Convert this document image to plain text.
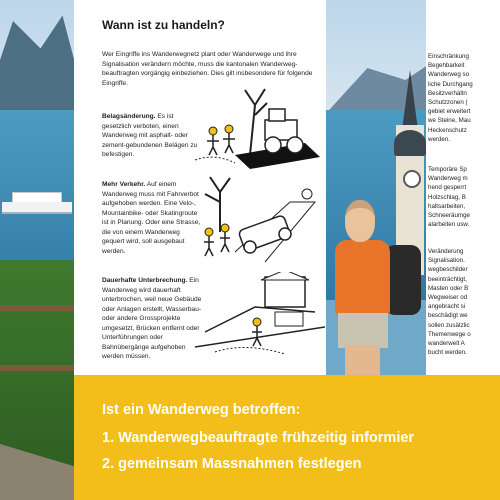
Wann ist zu handeln?
Wer Eingriffe ins Wanderwegnetz plant oder Wanderwege und ihre Signalisation verändern möchte, muss die kantonalen Wanderweg-beauftragten vorgängig einbeziehen. Dies gilt insbesondere für folgende Eingriffe.
Belagsänderung. Es ist gesetzlich verboten, einen Wanderweg mit asphalt- oder zement-gebundenen Belägen zu befestigen.
Mehr Verkehr. Auf einem Wanderweg muss mit Fahrverbot aufgehoben werden. Eine Velo-, Mountainbike- oder Skatingroute ist in Planung. Oder eine Strasse, die von einem Wanderweg gequert wird, soll ausgebaut werden.
Dauerhafte Unterbrechung. Ein Wanderweg wird dauerhaft unterbrochen, weil neue Gebäude oder Anlagen erstellt, Wasserbau- oder andere Grossprojekte umgesetzt, Brücken entfernt oder Unterführungen oder Bahnübergänge aufgehoben werden müssen.
Einschränkung
Begehbarkeit
Wanderweg so
liche Durchgang
Besitzverhältn
Schutzzonen (
gebiet erweitert
we Steine, Mau
Heckenschutz
werden.
Temporäre Sp
Wanderweg m
hend gesperrt
Holzschlag, B
haltsarbeiten,
Schneeräumge
alarbeiten usw.
Veränderung
Signalisation.
wegbeschilder
beeinträchtigt,
Masten oder B
Wegweiser od
angebracht si
beschädigt we
sollen zusätzlic
Themenwege o
wanderwelt A
bucht werden.
Ist ein Wanderweg betroffen:
1. Wanderwegbeauftragte frühzeitig informier
2. gemeinsam Massnahmen festlegen
